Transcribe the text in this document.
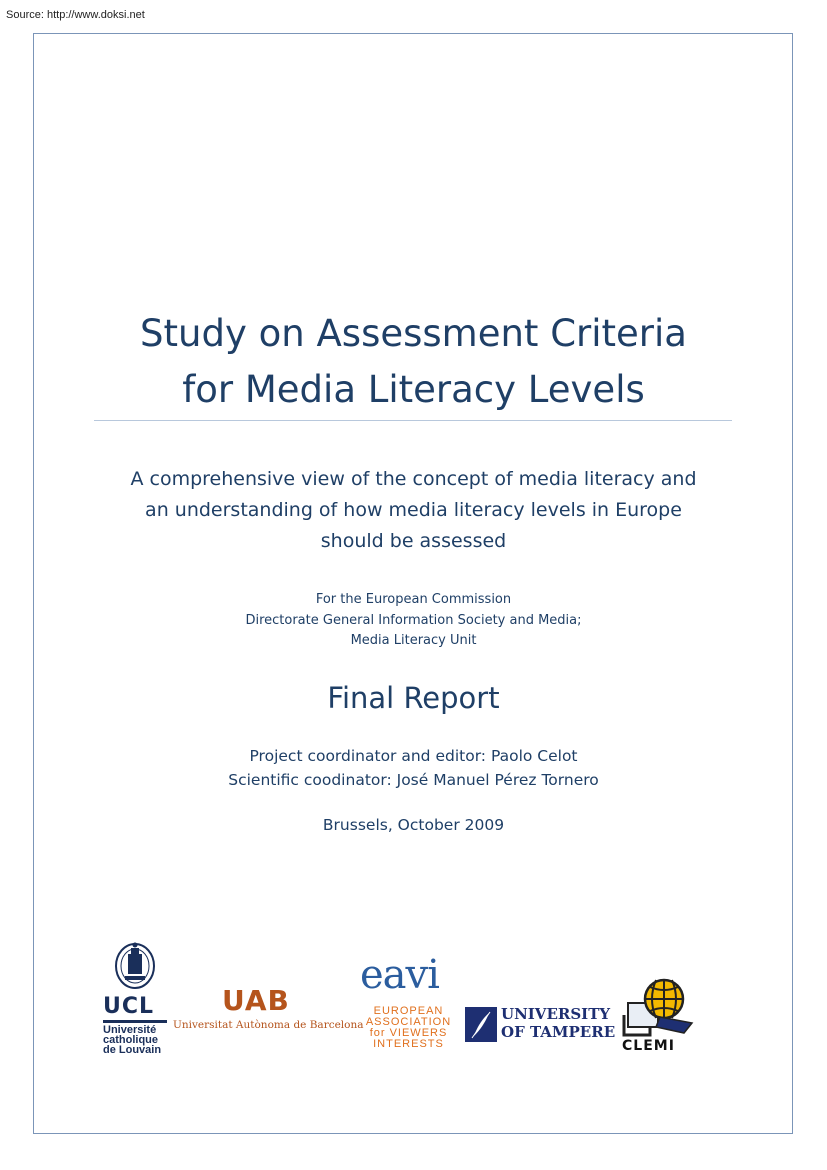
Source: http://www.doksi.net
Study on Assessment Criteria
for Media Literacy Levels
A comprehensive view of the concept of media literacy and
an understanding of how media literacy levels in Europe
should be assessed
For the European Commission
Directorate General Information Society and Media;
Media Literacy Unit
Final Report
Project coordinator and editor: Paolo Celot
Scientific coodinator: José Manuel Pérez Tornero
Brussels, October 2009
UCL
Université
catholique
de Louvain
UAB
Universitat Autònoma de Barcelona
eavi
EUROPEAN
ASSOCIATION
for VIEWERS
INTERESTS
UNIVERSITY
OF TAMPERE
CLEMI
